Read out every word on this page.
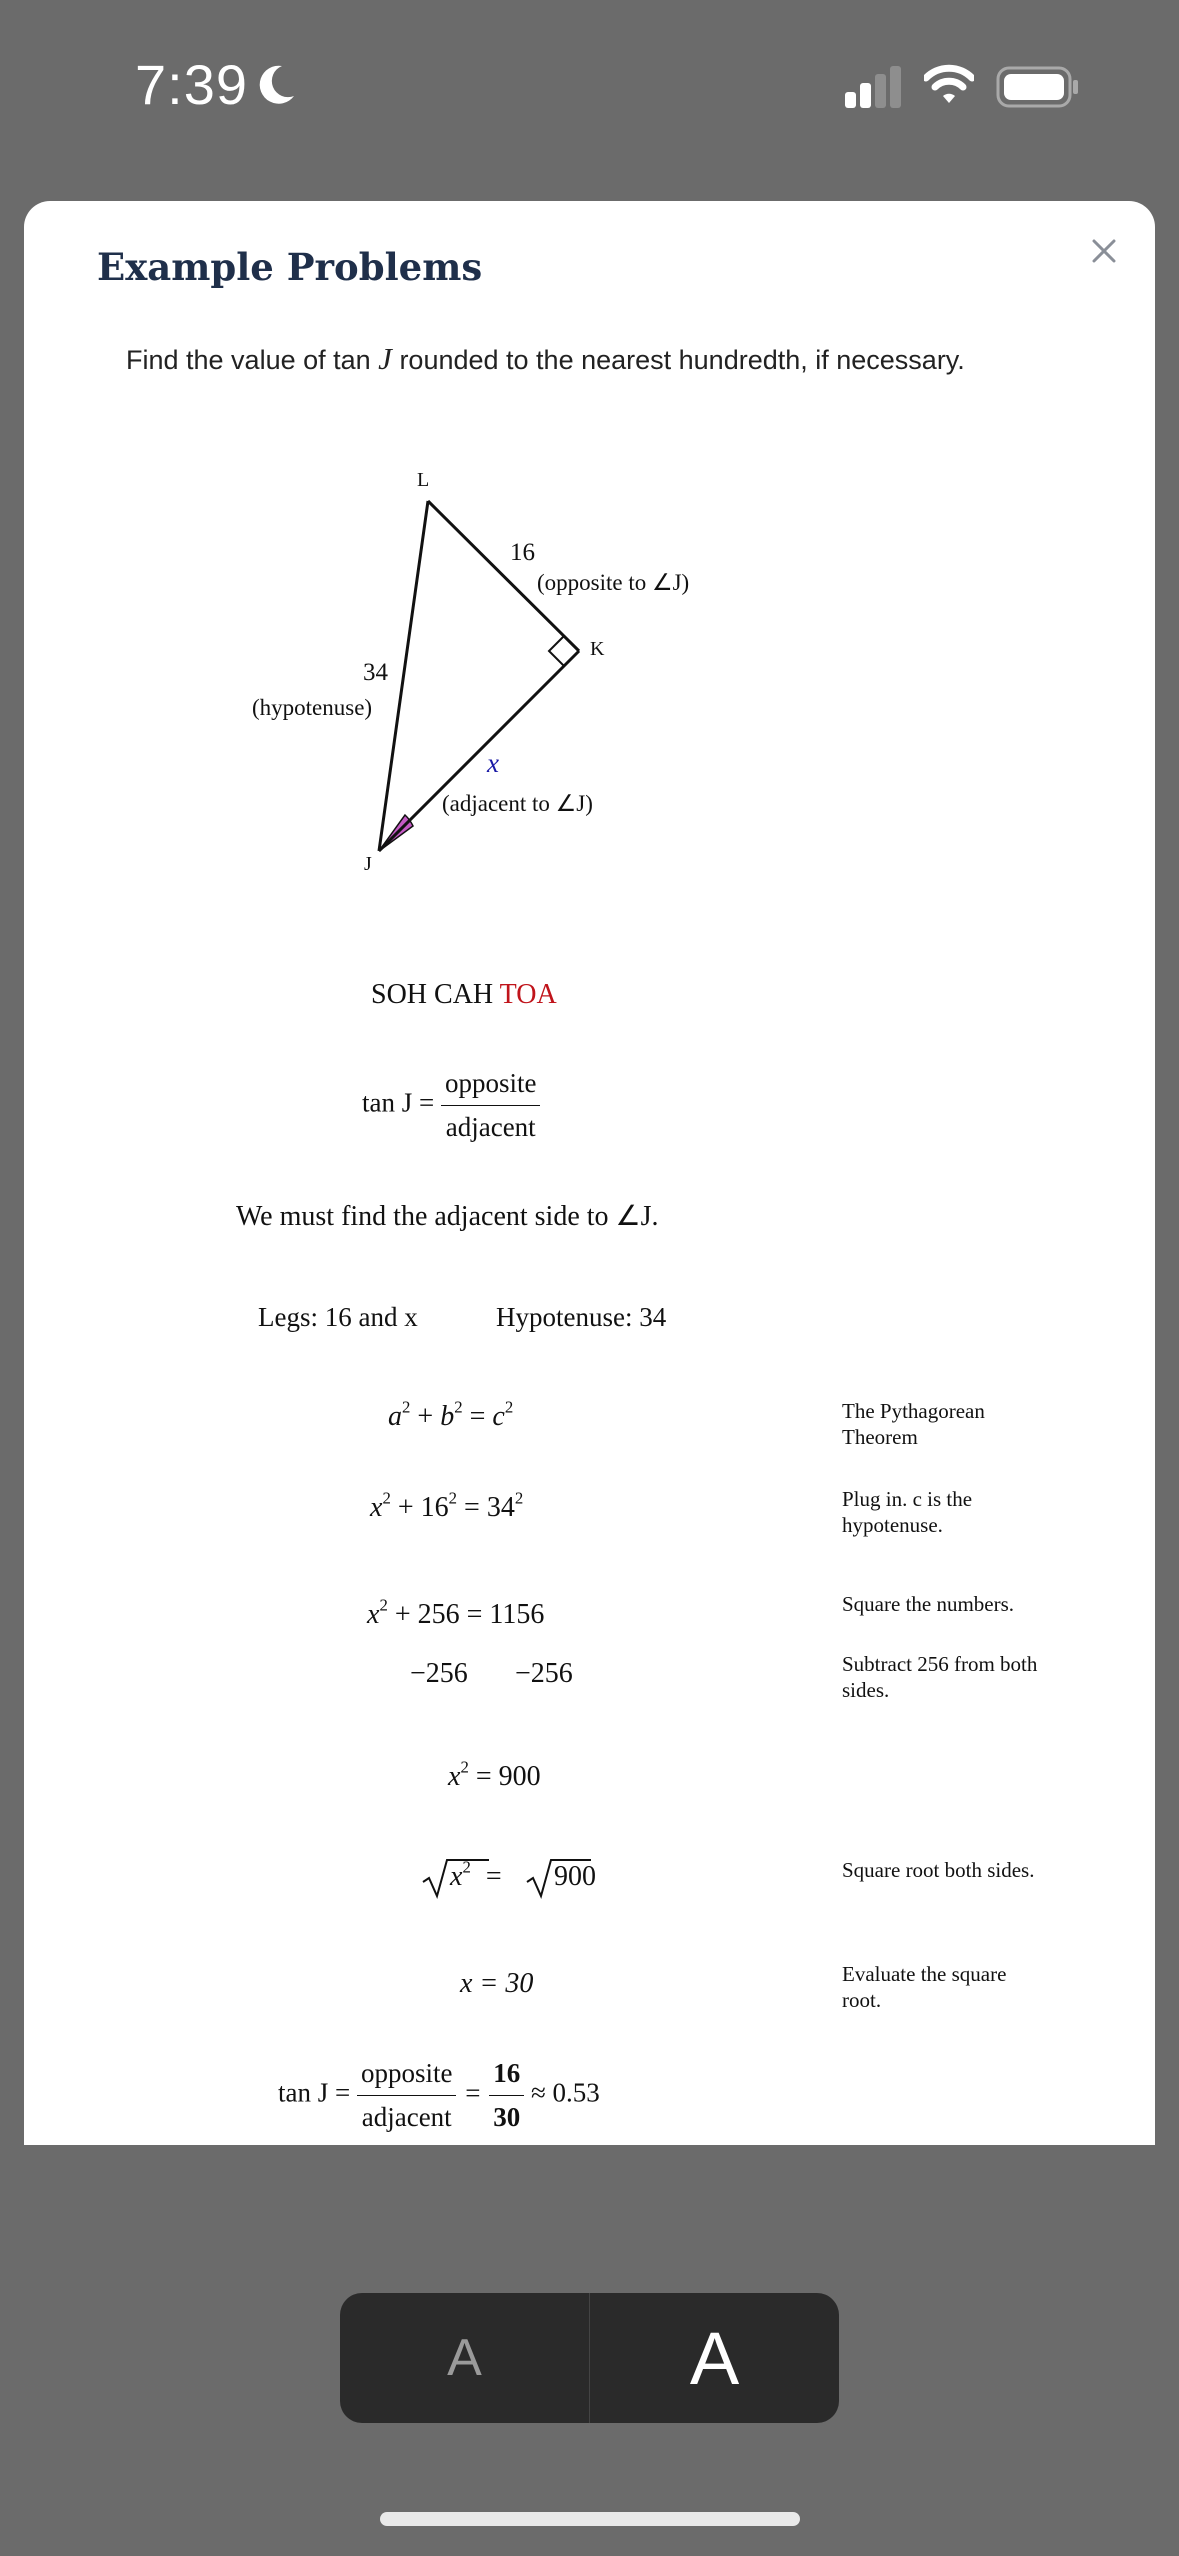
7:39
Example Problems
Find the value of tan J rounded to the nearest hundredth, if necessary.
L
K
J
16
(opposite to ∠J)
34
(hypotenuse)
x
(adjacent to ∠J)
SOH CAH TOA
$\tan J = \frac{\text{opposite}}{\text{adjacent}}$
We must find the adjacent side to ∠J.
Legs: 16 and x	Hypotenuse: 34
$a^2 + b^2 = c^2$
$x^2 + 16^2 = 34^2$
$x^2 + 256 = 1156$
−256 −256
$x^2 = 900$
$x^2 = 900$
x = 30
$\tan J = \frac{\text{opposite}}{\text{adjacent}} = \frac{16}{30} \approx 0.53$
The Pythagorean Theorem
Plug in. c is the hypotenuse.
Square the numbers.
Subtract 256 from both sides.
Square root both sides.
Evaluate the square root.
A	A
